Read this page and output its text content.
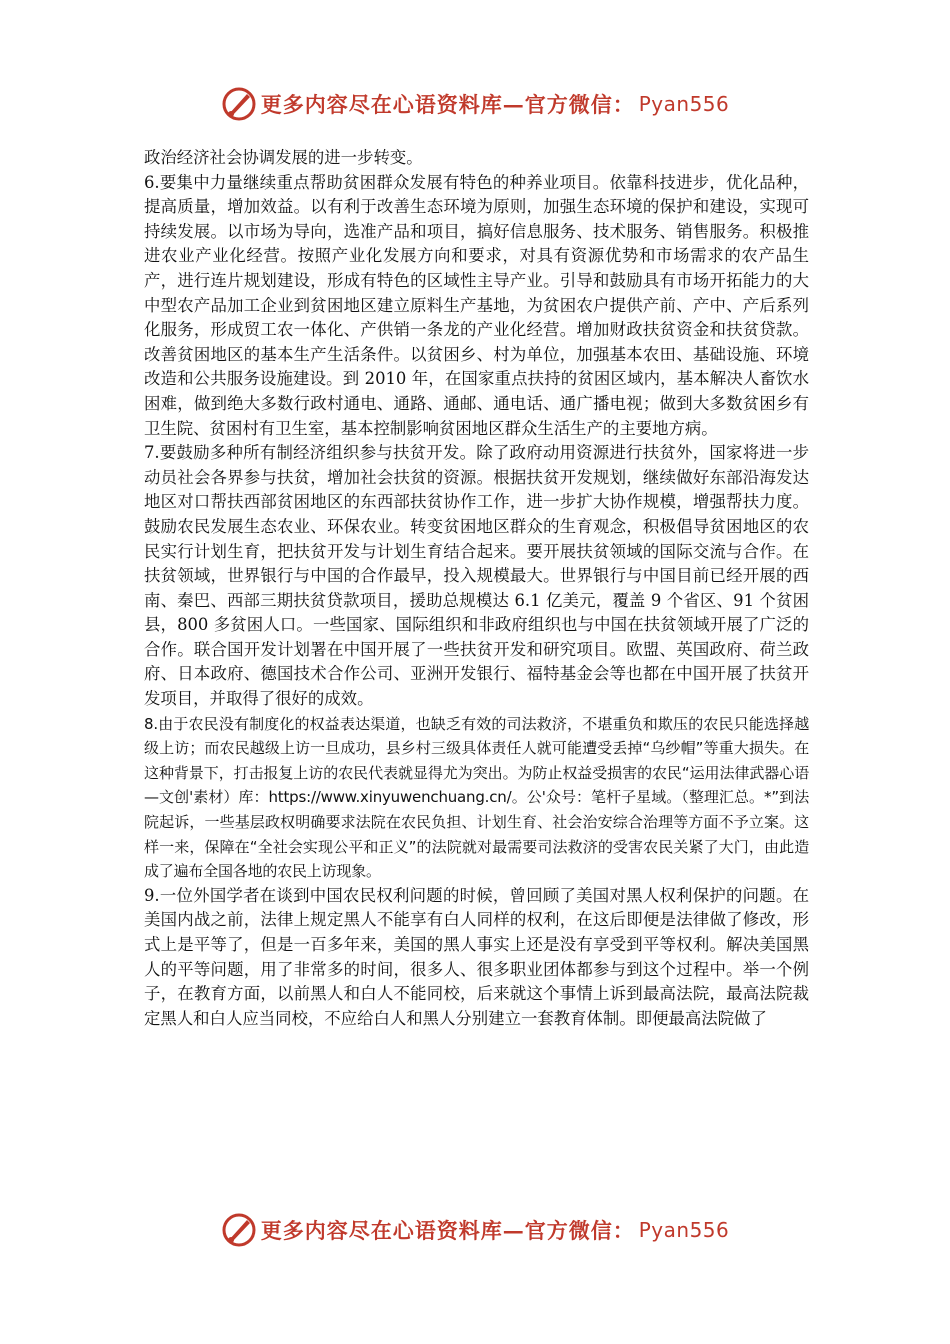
更多内容尽在心语资料库—官方微信： Pyan556

政治经济社会协调发展的进一步转变。

6.要集中力量继续重点帮助贫困群众发展有特色的种养业项目。依靠科技进步，优化品种，提高质量，增加效益。以有利于改善生态环境为原则，加强生态环境的保护和建设，实现可持续发展。以市场为导向，选准产品和项目，搞好信息服务、技术服务、销售服务。积极推进农业产业化经营。按照产业化发展方向和要求，对具有资源优势和市场需求的农产品生产，进行连片规划建设，形成有特色的区域性主导产业。引导和鼓励具有市场开拓能力的大中型农产品加工企业到贫困地区建立原料生产基地，为贫困农户提供产前、产中、产后系列化服务，形成贸工农一体化、产供销一条龙的产业化经营。增加财政扶贫资金和扶贫贷款。改善贫困地区的基本生产生活条件。以贫困乡、村为单位，加强基本农田、基础设施、环境改造和公共服务设施建设。到 2010 年，在国家重点扶持的贫困区域内，基本解决人畜饮水困难，做到绝大多数行政村通电、通路、通邮、通电话、通广播电视；做到大多数贫困乡有卫生院、贫困村有卫生室，基本控制影响贫困地区群众生活生产的主要地方病。

7.要鼓励多种所有制经济组织参与扶贫开发。除了政府动用资源进行扶贫外，国家将进一步动员社会各界参与扶贫，增加社会扶贫的资源。根据扶贫开发规划，继续做好东部沿海发达地区对口帮扶西部贫困地区的东西部扶贫协作工作，进一步扩大协作规模，增强帮扶力度。鼓励农民发展生态农业、环保农业。转变贫困地区群众的生育观念，积极倡导贫困地区的农民实行计划生育，把扶贫开发与计划生育结合起来。要开展扶贫领域的国际交流与合作。在扶贫领域，世界银行与中国的合作最早，投入规模最大。世界银行与中国目前已经开展的西南、秦巴、西部三期扶贫贷款项目，援助总规模达 6.1 亿美元，覆盖 9 个省区、91 个贫困县，800 多贫困人口。一些国家、国际组织和非政府组织也与中国在扶贫领域开展了广泛的合作。联合国开发计划署在中国开展了一些扶贫开发和研究项目。欧盟、英国政府、荷兰政府、日本政府、德国技术合作公司、亚洲开发银行、福特基金会等也都在中国开展了扶贫开发项目，并取得了很好的成效。

8.由于农民没有制度化的权益表达渠道，也缺乏有效的司法救济，不堪重负和欺压的农民只能选择越级上访；而农民越级上访一旦成功，县乡村三级具体责任人就可能遭受丢掉“乌纱帽”等重大损失。在这种背景下，打击报复上访的农民代表就显得尤为突出。为防止权益受损害的农民“运用法律武器心语—文创'素材）库：https://www.xinyuwenchuang.cn/。公'众号：笔杆子星域。（整理汇总。*”到法院起诉，一些基层政权明确要求法院在农民负担、计划生育、社会治安综合治理等方面不予立案。这样一来，保障在“全社会实现公平和正义”的法院就对最需要司法救济的受害农民关紧了大门，由此造成了遍布全国各地的农民上访现象。

9.一位外国学者在谈到中国农民权利问题的时候，曾回顾了美国对黑人权利保护的问题。在美国内战之前，法律上规定黑人不能享有白人同样的权利，在这后即便是法律做了修改，形式上是平等了，但是一百多年来，美国的黑人事实上还是没有享受到平等权利。解决美国黑人的平等问题，用了非常多的时间，很多人、很多职业团体都参与到这个过程中。举一个例子，在教育方面，以前黑人和白人不能同校，后来就这个事情上诉到最高法院，最高法院裁定黑人和白人应当同校，不应给白人和黑人分别建立一套教育体制。即便最高法院做了

更多内容尽在心语资料库—官方微信： Pyan556
